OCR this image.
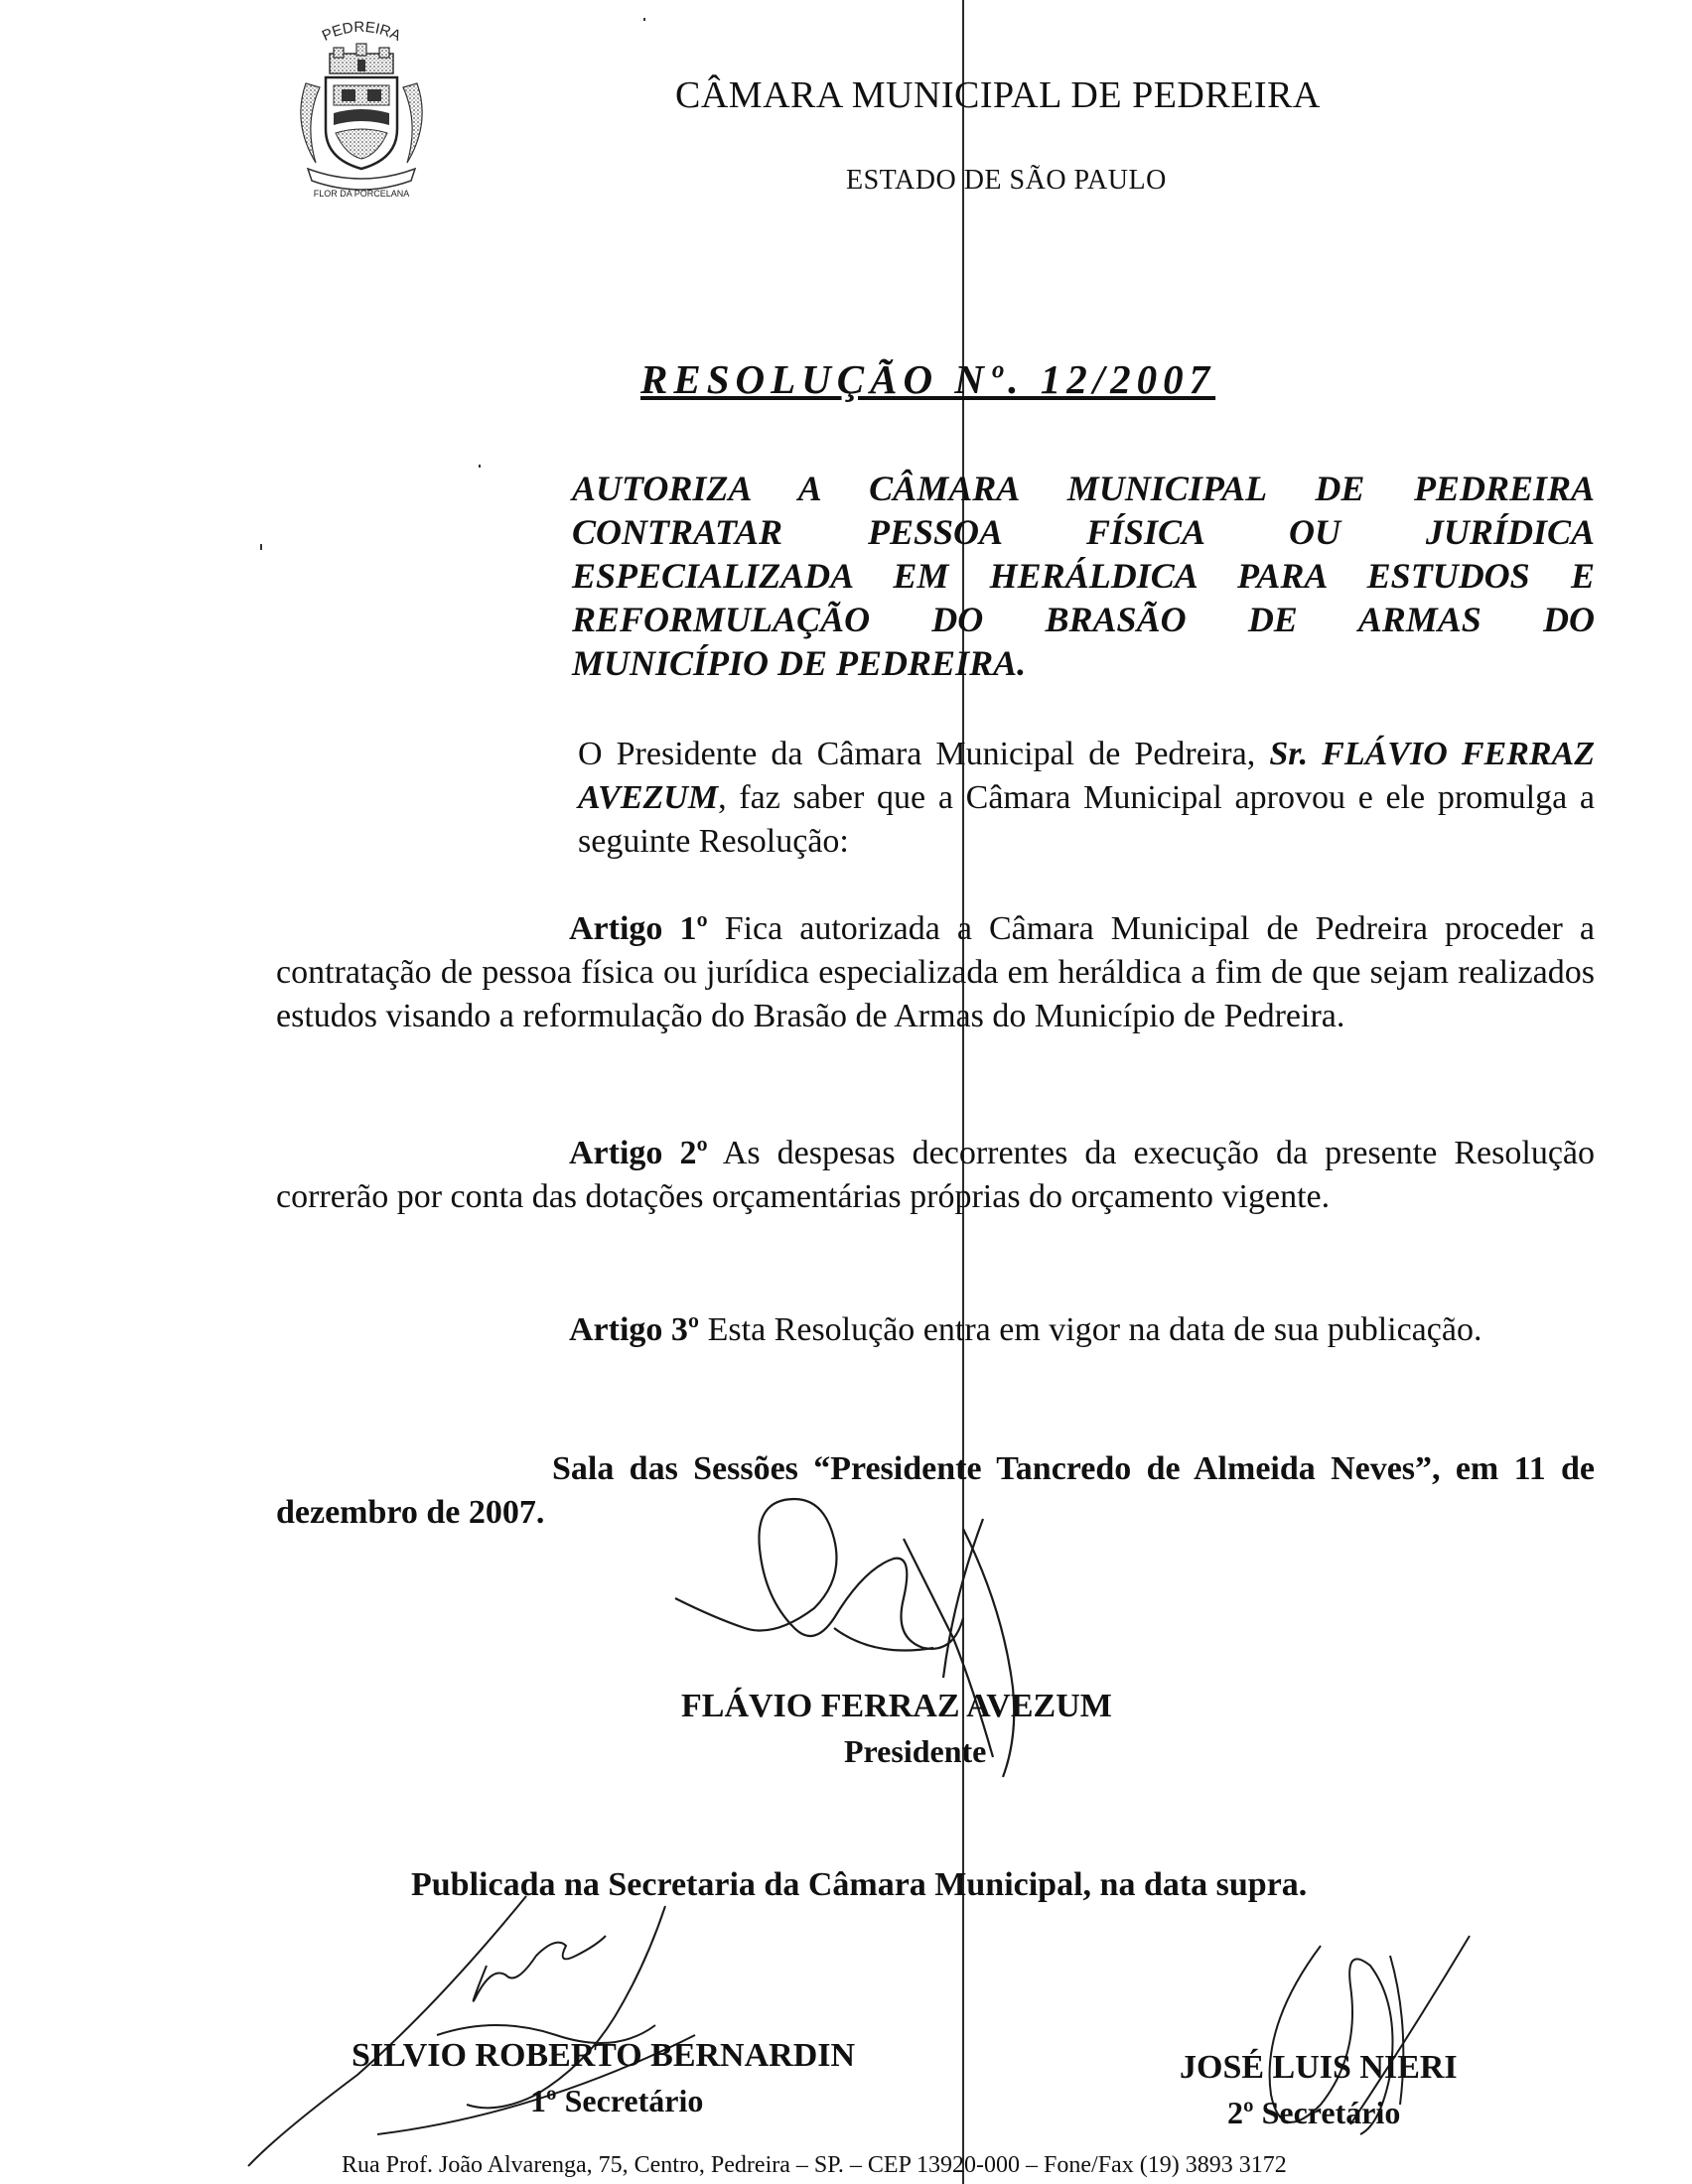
PEDREIRA
FLOR DA PORCELANA
CÂMARA MUNICIPAL DE PEDREIRA
ESTADO DE SÃO PAULO
RESOLUÇÃO Nº. 12/2007
AUTORIZA A CÂMARA MUNICIPAL DE PEDREIRA
CONTRATAR PESSOA FÍSICA OU JURÍDICA
ESPECIALIZADA EM HERÁLDICA PARA ESTUDOS E
REFORMULAÇÃO DO BRASÃO DE ARMAS DO
MUNICÍPIO DE PEDREIRA.
O Presidente da Câmara Municipal de Pedreira, Sr. FLÁVIO FERRAZ AVEZUM, faz saber que a Câmara Municipal aprovou e ele promulga a seguinte Resolução:
Artigo 1º Fica autorizada a Câmara Municipal de Pedreira proceder a contratação de pessoa física ou jurídica especializada em heráldica a fim de que sejam realizados estudos visando a reformulação do Brasão de Armas do Município de Pedreira.
Artigo 2º As despesas decorrentes da execução da presente Resolução correrão por conta das dotações orçamentárias próprias do orçamento vigente.
Artigo 3º Esta Resolução entra em vigor na data de sua publicação.
Sala das Sessões “Presidente Tancredo de Almeida Neves”, em 11 de dezembro de 2007.
FLÁVIO FERRAZ AVEZUM
Presidente
Publicada na Secretaria da Câmara Municipal, na data supra.
SILVIO ROBERTO BERNARDIN
1º Secretário
JOSÉ LUIS NIERI
2º Secretário
Rua Prof. João Alvarenga, 75, Centro, Pedreira – SP. – CEP 13920-000 – Fone/Fax (19) 3893 3172
